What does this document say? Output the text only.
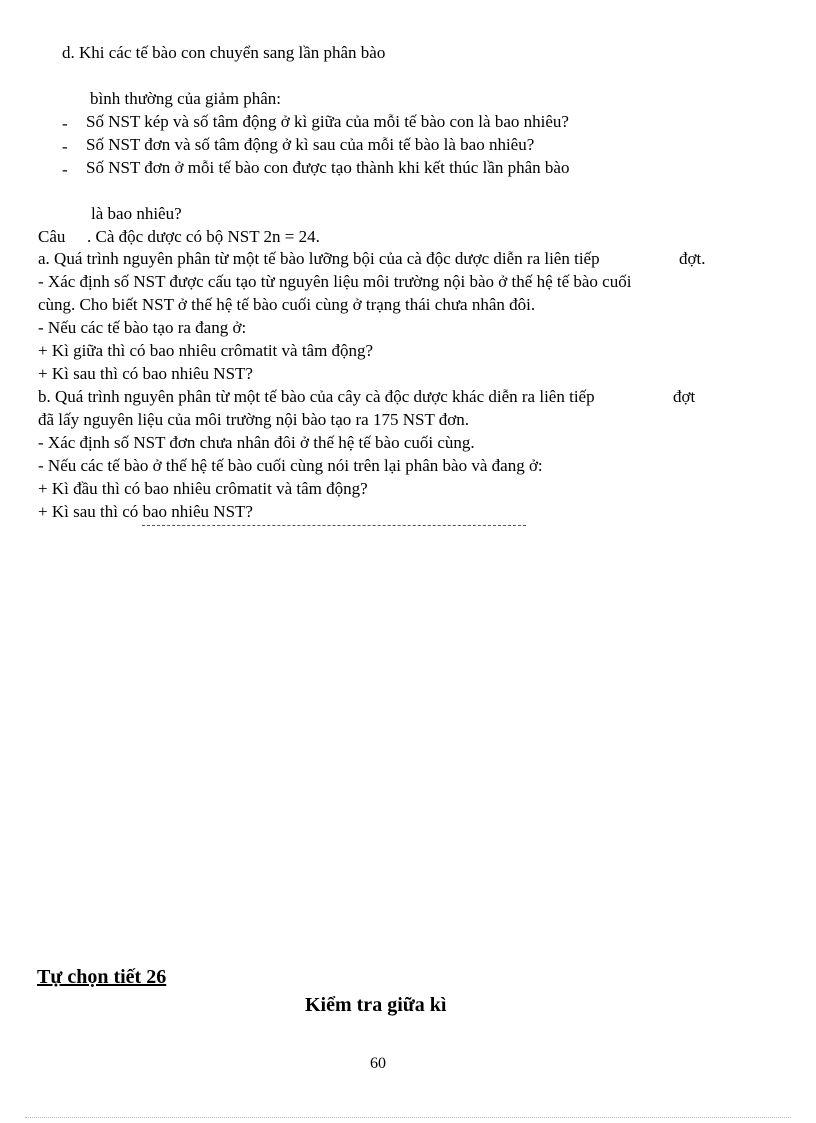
d. Khi các tế bào con chuyển sang lần phân bào
bình thường của giảm phân:
- Số NST kép và số tâm động ở kì giữa của mỗi tế bào con là bao nhiêu?
- Số NST đơn và số tâm động ở kì sau của mỗi tế bào là bao nhiêu?
- Số NST đơn ở mỗi tế bào con được tạo thành khi kết thúc lần phân bào
là bao nhiêu?
Câu . Cà độc dược có bộ NST 2n = 24.
a. Quá trình nguyên phân từ một tế bào lưỡng bội của cà độc dược diễn ra liên tiếp	đợt.
- Xác định số NST được cấu tạo từ nguyên liệu môi trường nội bào ở thế hệ tế bào cuối
cùng. Cho biết NST ở thế hệ tế bào cuối cùng ở trạng thái chưa nhân đôi.
- Nếu các tế bào tạo ra đang ở:
+ Kì giữa thì có bao nhiêu crômatit và tâm động?
+ Kì sau thì có bao nhiêu NST?
b. Quá trình nguyên phân từ một tế bào của cây cà độc dược khác diễn ra liên tiếp	đợt
đã lấy nguyên liệu của môi trường nội bào tạo ra 175 NST đơn.
- Xác định số NST đơn chưa nhân đôi ở thế hệ tế bào cuối cùng.
- Nếu các tế bào ở thế hệ tế bào cuối cùng nói trên lại phân bào và đang ở:
+ Kì đầu thì có bao nhiêu crômatit và tâm động?
+ Kì sau thì có bao nhiêu NST?
Tự chọn tiết 26
Kiểm tra giữa kì
60
